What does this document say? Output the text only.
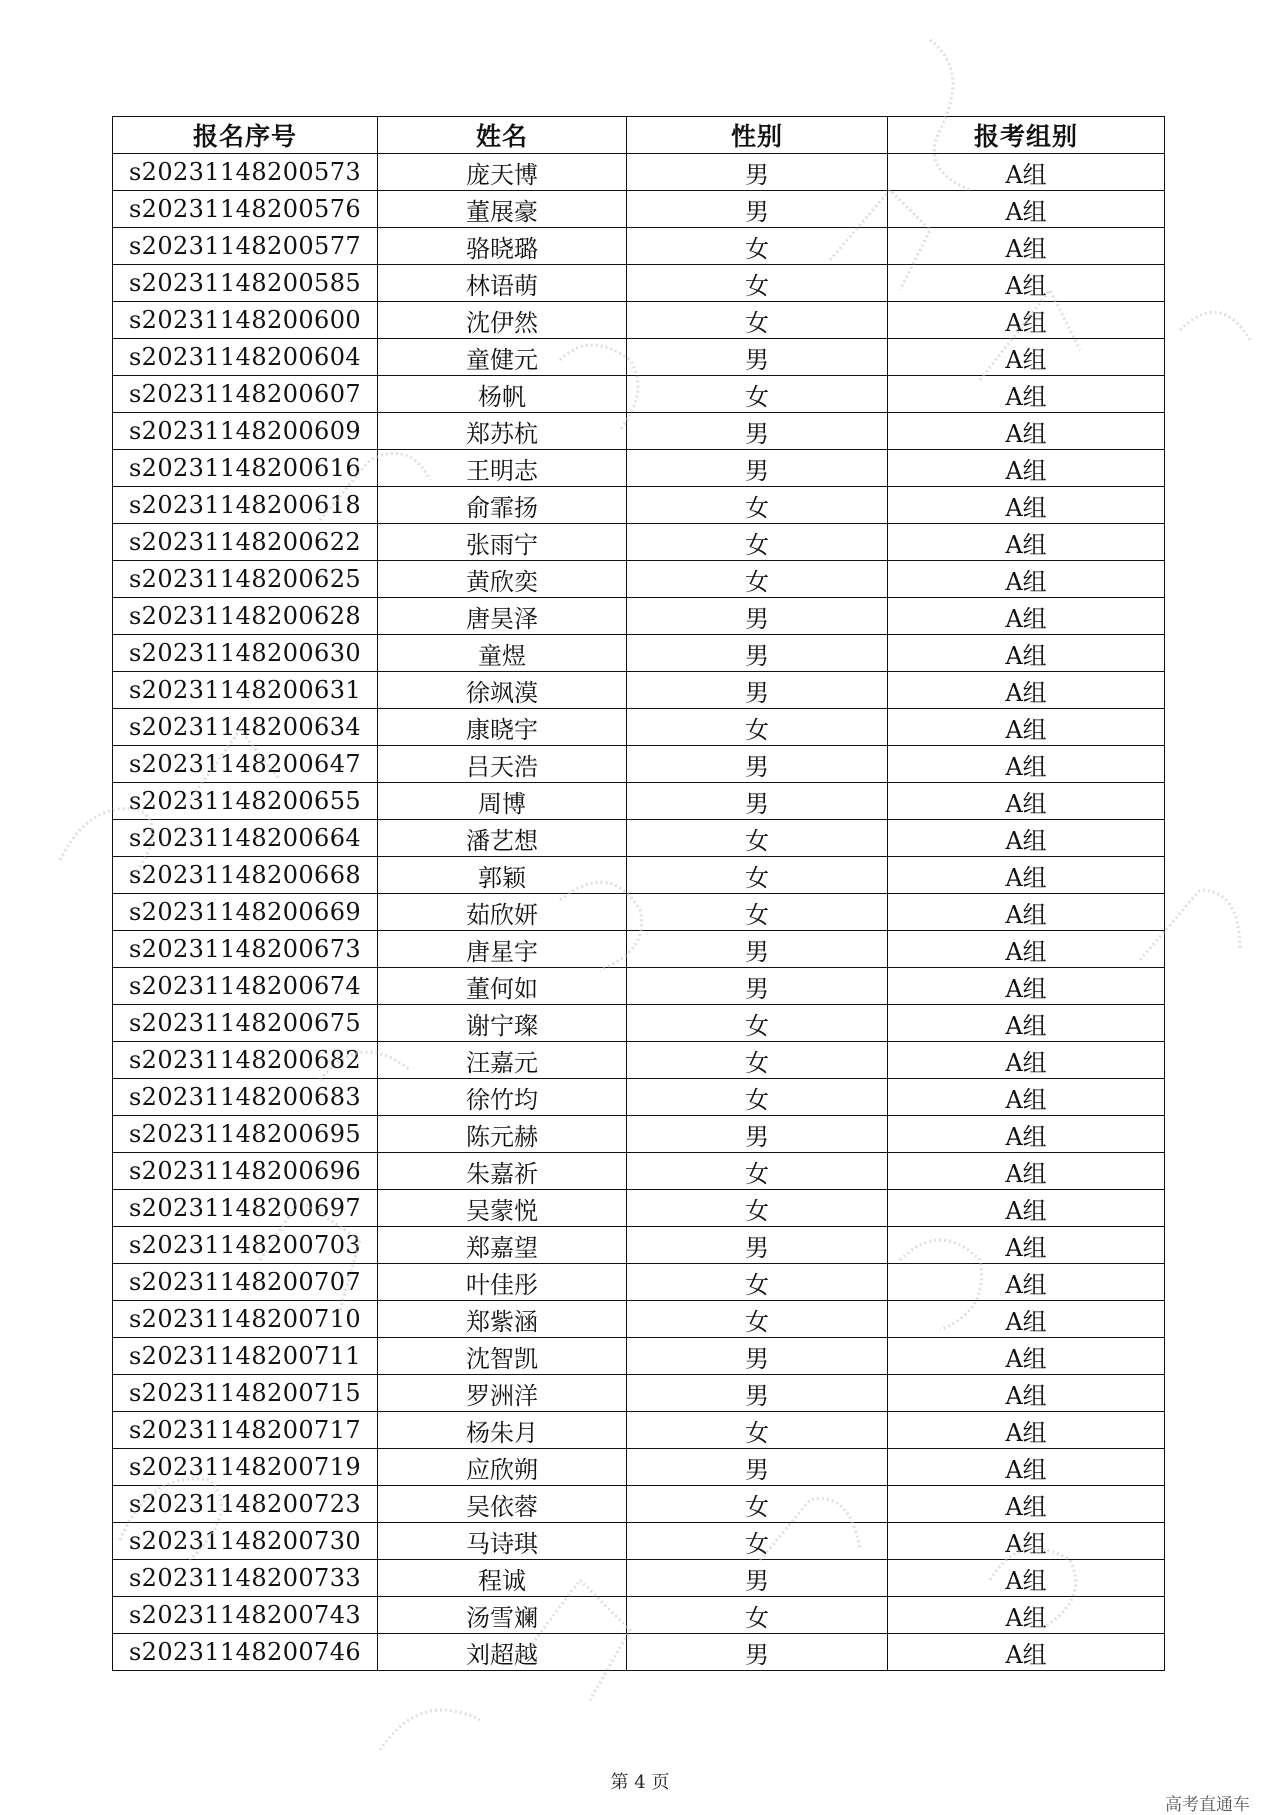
报名序号	姓名	性别	报考组别
s20231148200573	庞天博	男	A组
s20231148200576	董展豪	男	A组
s20231148200577	骆晓璐	女	A组
s20231148200585	林语萌	女	A组
s20231148200600	沈伊然	女	A组
s20231148200604	童健元	男	A组
s20231148200607	杨帆	女	A组
s20231148200609	郑苏杭	男	A组
s20231148200616	王明志	男	A组
s20231148200618	俞霏扬	女	A组
s20231148200622	张雨宁	女	A组
s20231148200625	黄欣奕	女	A组
s20231148200628	唐昊泽	男	A组
s20231148200630	童煜	男	A组
s20231148200631	徐飒漠	男	A组
s20231148200634	康晓宇	女	A组
s20231148200647	吕天浩	男	A组
s20231148200655	周博	男	A组
s20231148200664	潘艺想	女	A组
s20231148200668	郭颖	女	A组
s20231148200669	茹欣妍	女	A组
s20231148200673	唐星宇	男	A组
s20231148200674	董何如	男	A组
s20231148200675	谢宁璨	女	A组
s20231148200682	汪嘉元	女	A组
s20231148200683	徐竹均	女	A组
s20231148200695	陈元赫	男	A组
s20231148200696	朱嘉祈	女	A组
s20231148200697	吴蒙悦	女	A组
s20231148200703	郑嘉望	男	A组
s20231148200707	叶佳彤	女	A组
s20231148200710	郑紫涵	女	A组
s20231148200711	沈智凯	男	A组
s20231148200715	罗洲洋	男	A组
s20231148200717	杨朱月	女	A组
s20231148200719	应欣朔	男	A组
s20231148200723	吴依蓉	女	A组
s20231148200730	马诗琪	女	A组
s20231148200733	程诚	男	A组
s20231148200743	汤雪斓	女	A组
s20231148200746	刘超越	男	A组
第 4 页
高考直通车
